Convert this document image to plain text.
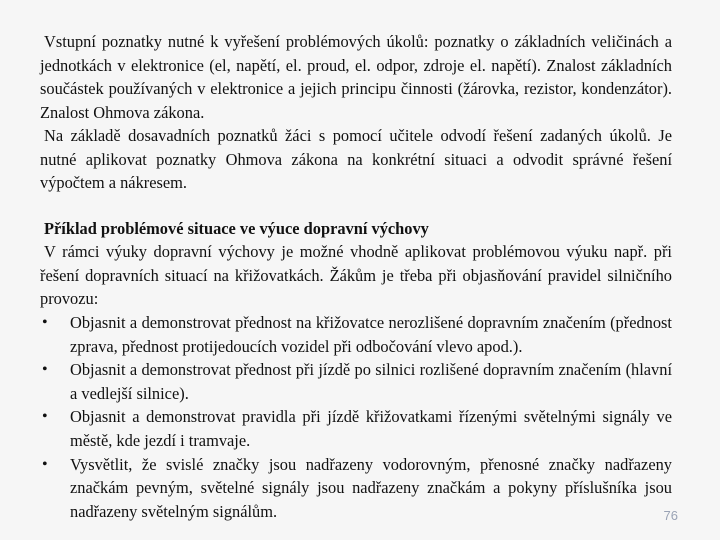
Vstupní poznatky nutné k vyřešení problémových úkolů: poznatky o základních veličinách a jednotkách v elektronice (el, napětí, el. proud, el. odpor, zdroje el. napětí). Znalost základních součástek používaných v elektronice a jejich principu činnosti (žárovka, rezistor, kondenzátor). Znalost Ohmova zákona.

Na základě dosavadních poznatků žáci s pomocí učitele odvodí řešení zadaných úkolů. Je nutné aplikovat poznatky Ohmova zákona na konkrétní situaci a odvodit správné řešení výpočtem a nákresem.

Příklad problémové situace ve výuce dopravní výchovy

V rámci výuky dopravní výchovy je možné vhodně aplikovat problémovou výuku např. při řešení dopravních situací na křižovatkách. Žákům je třeba při objasňování pravidel silničního provozu:

• Objasnit a demonstrovat přednost na křižovatce nerozlišené dopravním značením (přednost zprava, přednost protijedoucích vozidel při odbočování vlevo apod.).
• Objasnit a demonstrovat přednost při jízdě po silnici rozlišené dopravním značením (hlavní a vedlejší silnice).
• Objasnit a demonstrovat pravidla při jízdě křižovatkami řízenými světelnými signály ve městě, kde jezdí i tramvaje.
• Vysvětlit, že svislé značky jsou nadřazeny vodorovným, přenosné značky nadřazeny značkám pevným, světelné signály jsou nadřazeny značkám a pokyny příslušníka jsou nadřazeny světelným signálům.	76
